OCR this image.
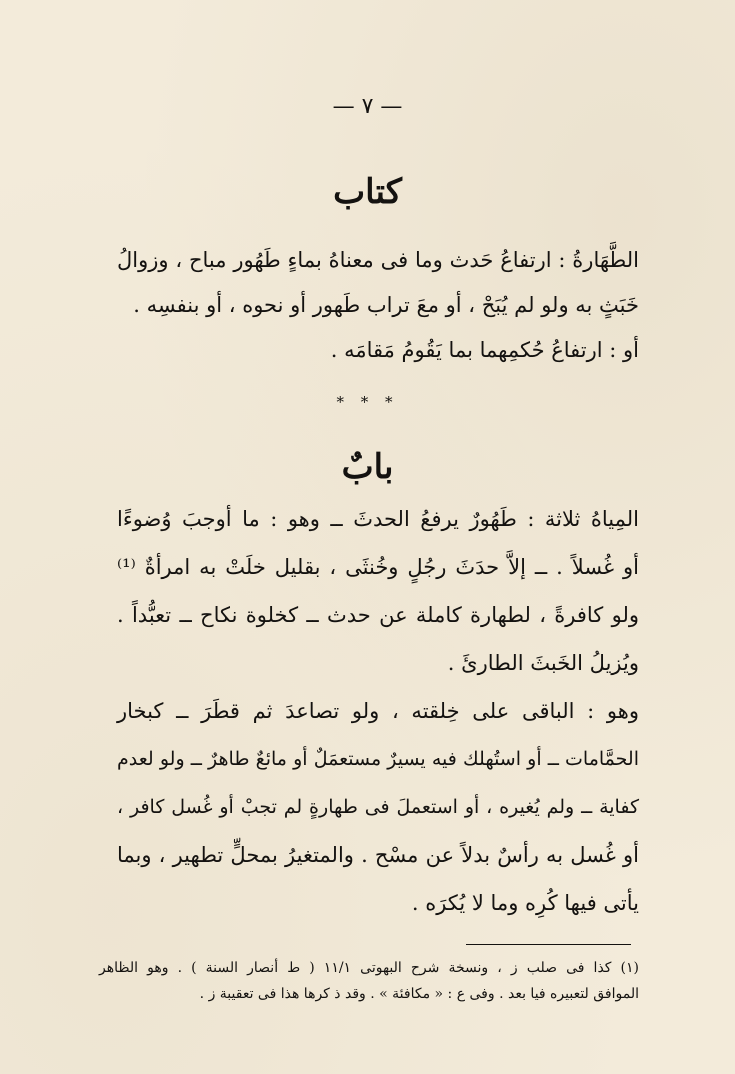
— ٧ —
كتاب
الطَّهَارةُ : ارتفاعُ حَدث وما فى معناهُ بماءٍ طَهُور مباح ، وزوالُ
خَبَثٍ به ولو لم يُبَحْ ، أو معَ تراب طَهور أو نحوه ، أو بنفسِه .
أو : ارتفاعُ حُكمِهما بما يَقُومُ مَقامَه .
* * *
بابٌ
المِياهُ ثلاثة : طَهُورٌ يرفعُ الحدثَ ــ وهو : ما أوجبَ وُضوءًا
أو غُسلاً . ــ إلاَّ حدَثَ رجُلٍ وخُنثَى ، بقليل خلَتْ به امرأةٌ ⁽¹⁾
ولو كافرةً ، لطهارة كاملة عن حدث ــ كخلوة نكاح ــ تعبُّداً .
ويُزيلُ الخَبثَ الطارئَ .
وهو : الباقى على خِلقته ، ولو تصاعدَ ثم قطَرَ ــ كبخار
الحمَّامات ــ أو استُهلك فيه يسيرٌ مستعمَلٌ أو مائعٌ طاهرٌ ــ ولو لعدم
كفاية ــ ولم يُغيره ، أو استعملَ فى طهارةٍ لم تجبْ أو غُسل كافر ،
أو غُسل به رأسٌ بدلاً عن مسْح . والمتغيرُ بمحلٍّ تطهير ، وبما
يأتى فيها كُرِه وما لا يُكرَه .
(١) كذا فى صلب ز ، ونسخة شرح البهوتى ١١/١ ( ط أنصار السنة ) . وهو الظاهر
الموافق لتعبيره فيا بعد . وفى ع : « مكافئة » . وقد ذ كرها هذا فى تعقيبة ز .
